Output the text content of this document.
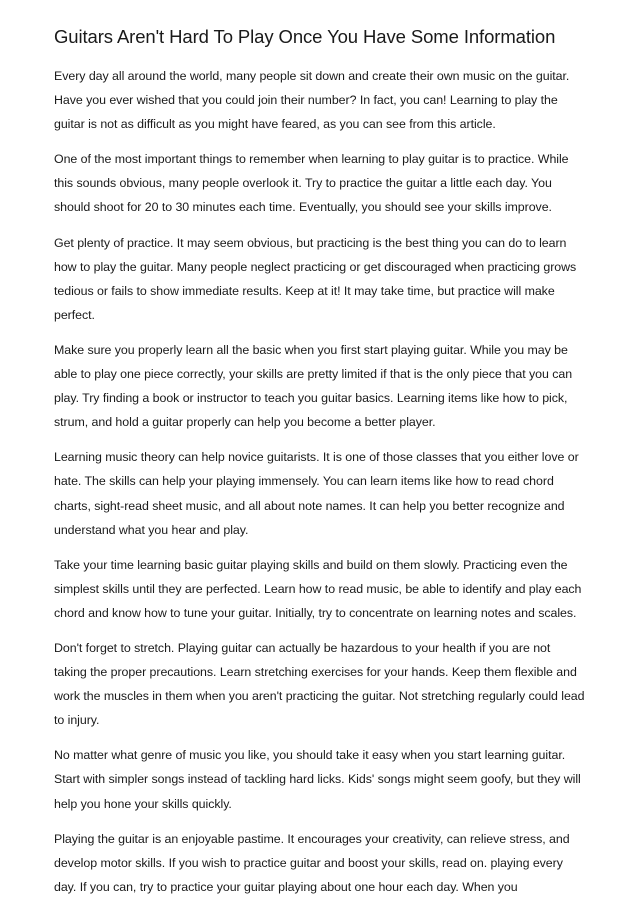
Guitars Aren't Hard To Play Once You Have Some Information

Every day all around the world, many people sit down and create their own music on the guitar. Have you ever wished that you could join their number? In fact, you can! Learning to play the guitar is not as difficult as you might have feared, as you can see from this article.

One of the most important things to remember when learning to play guitar is to practice. While this sounds obvious, many people overlook it. Try to practice the guitar a little each day. You should shoot for 20 to 30 minutes each time. Eventually, you should see your skills improve.

Get plenty of practice. It may seem obvious, but practicing is the best thing you can do to learn how to play the guitar. Many people neglect practicing or get discouraged when practicing grows tedious or fails to show immediate results. Keep at it! It may take time, but practice will make perfect.

Make sure you properly learn all the basic when you first start playing guitar. While you may be able to play one piece correctly, your skills are pretty limited if that is the only piece that you can play. Try finding a book or instructor to teach you guitar basics. Learning items like how to pick, strum, and hold a guitar properly can help you become a better player.

Learning music theory can help novice guitarists. It is one of those classes that you either love or hate. The skills can help your playing immensely. You can learn items like how to read chord charts, sight-read sheet music, and all about note names. It can help you better recognize and understand what you hear and play.

Take your time learning basic guitar playing skills and build on them slowly. Practicing even the simplest skills until they are perfected. Learn how to read music, be able to identify and play each chord and know how to tune your guitar. Initially, try to concentrate on learning notes and scales.

Don't forget to stretch. Playing guitar can actually be hazardous to your health if you are not taking the proper precautions. Learn stretching exercises for your hands. Keep them flexible and work the muscles in them when you aren't practicing the guitar. Not stretching regularly could lead to injury.

No matter what genre of music you like, you should take it easy when you start learning guitar. Start with simpler songs instead of tackling hard licks. Kids' songs might seem goofy, but they will help you hone your skills quickly.

Playing the guitar is an enjoyable pastime. It encourages your creativity, can relieve stress, and develop motor skills. If you wish to practice guitar and boost your skills, read on. playing every day. If you can, try to practice your guitar playing about one hour each day. When you
